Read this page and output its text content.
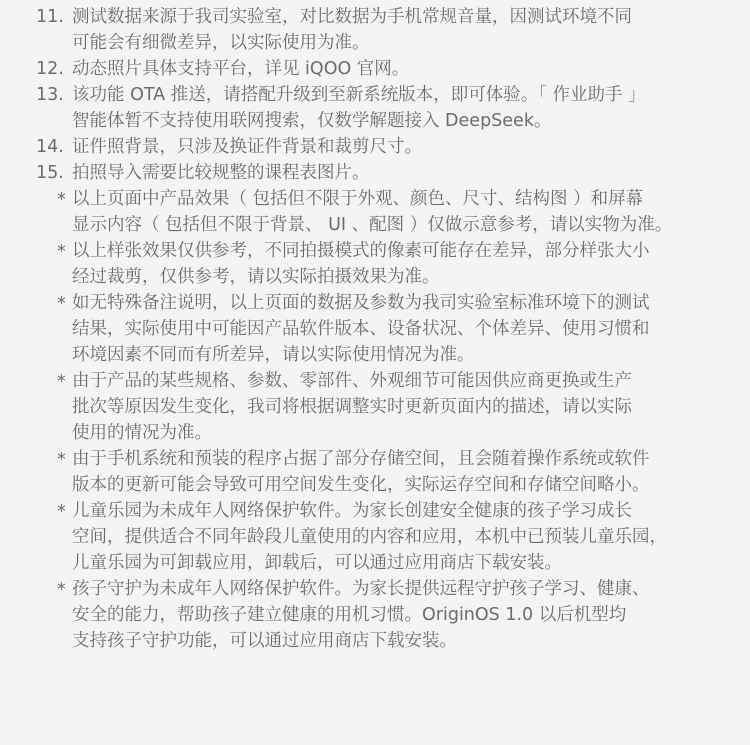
11. 测试数据来源于我司实验室，对比数据为手机常规音量，因测试环境不同
可能会有细微差异，以实际使用为准。
12. 动态照片具体支持平台，详见 iQOO 官网。
13. 该功能 OTA 推送，请搭配升级到至新系统版本，即可体验。「 作业助手 」
智能体暂不支持使用联网搜索，仅数学解题接入 DeepSeek。
14. 证件照背景，只涉及换证件背景和裁剪尺寸。
15. 拍照导入需要比较规整的课程表图片。
* 以上页面中产品效果（ 包括但不限于外观、颜色、尺寸、结构图 ）和屏幕
显示内容（ 包括但不限于背景、 UI 、配图 ）仅做示意参考，请以实物为准。
* 以上样张效果仅供参考，不同拍摄模式的像素可能存在差异，部分样张大小
经过裁剪，仅供参考，请以实际拍摄效果为准。
* 如无特殊备注说明，以上页面的数据及参数为我司实验室标准环境下的测试
结果，实际使用中可能因产品软件版本、设备状况、个体差异、使用习惯和
环境因素不同而有所差异，请以实际使用情况为准。
* 由于产品的某些规格、参数、零部件、外观细节可能因供应商更换或生产
批次等原因发生变化，我司将根据调整实时更新页面内的描述，请以实际
使用的情况为准。
* 由于手机系统和预装的程序占据了部分存储空间，且会随着操作系统或软件
版本的更新可能会导致可用空间发生变化，实际运存空间和存储空间略小。
* 儿童乐园为未成年人网络保护软件。为家长创建安全健康的孩子学习成长
空间，提供适合不同年龄段儿童使用的内容和应用，本机中已预装儿童乐园，
儿童乐园为可卸载应用，卸载后，可以通过应用商店下载安装。
* 孩子守护为未成年人网络保护软件。为家长提供远程守护孩子学习、健康、
安全的能力，帮助孩子建立健康的用机习惯。OriginOS 1.0 以后机型均
支持孩子守护功能，可以通过应用商店下载安装。
